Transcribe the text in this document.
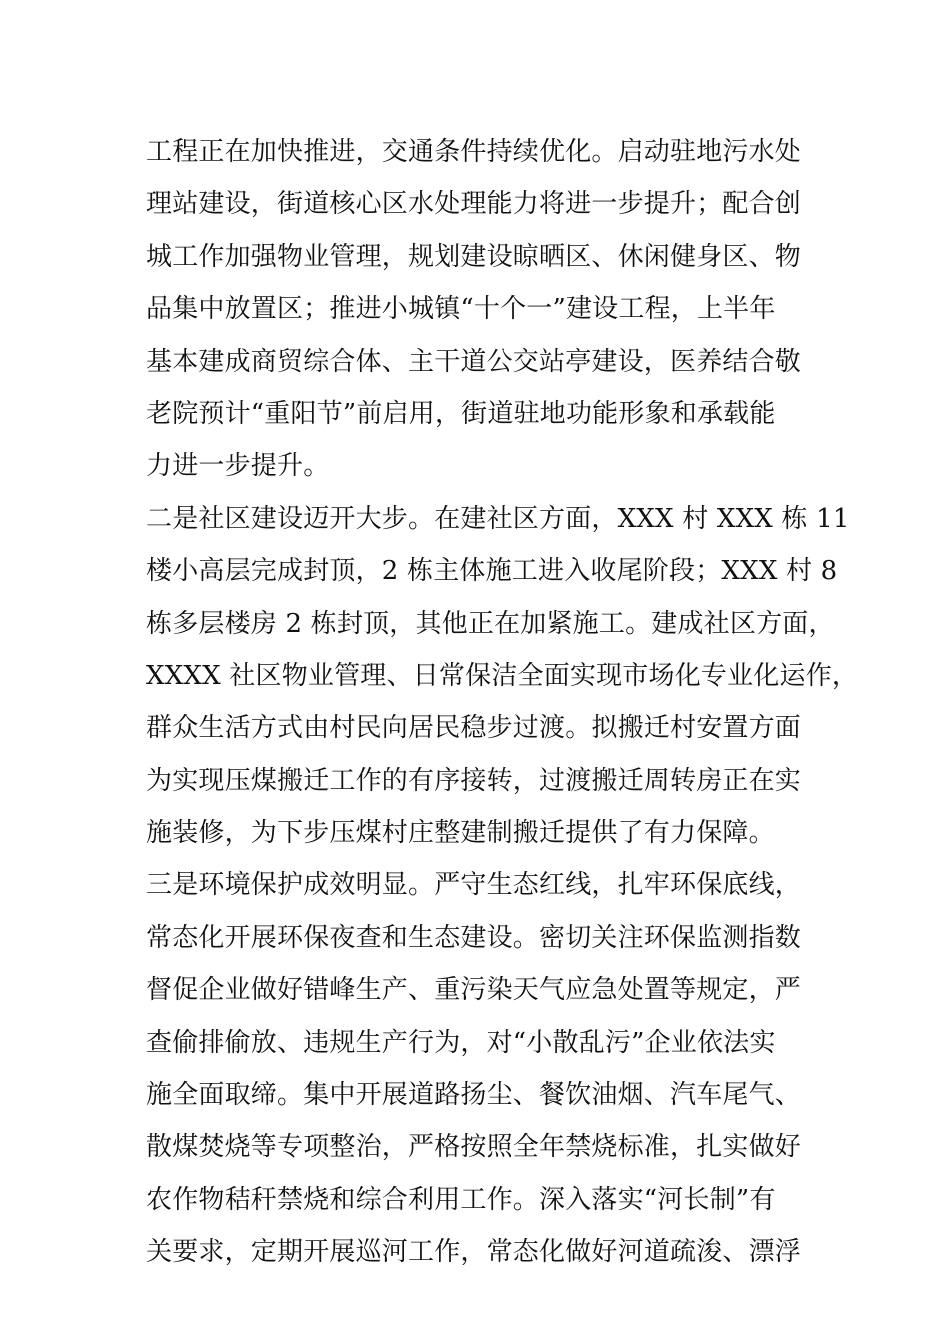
工程正在加快推进，交通条件持续优化。启动驻地污水处
理站建设，街道核心区水处理能力将进一步提升；配合创
城工作加强物业管理，规划建设晾晒区、休闲健身区、物
品集中放置区；推进小城镇“十个一”建设工程，上半年
基本建成商贸综合体、主干道公交站亭建设，医养结合敬
老院预计“重阳节”前启用，街道驻地功能形象和承载能
力进一步提升。
二是社区建设迈开大步。在建社区方面，XXX 村 XXX 栋 11
楼小高层完成封顶，2 栋主体施工进入收尾阶段；XXX 村 8
栋多层楼房 2 栋封顶，其他正在加紧施工。建成社区方面，
XXXX 社区物业管理、日常保洁全面实现市场化专业化运作，
群众生活方式由村民向居民稳步过渡。拟搬迁村安置方面
为实现压煤搬迁工作的有序接转，过渡搬迁周转房正在实
施装修，为下步压煤村庄整建制搬迁提供了有力保障。
三是环境保护成效明显。严守生态红线，扎牢环保底线，
常态化开展环保夜查和生态建设。密切关注环保监测指数
督促企业做好错峰生产、重污染天气应急处置等规定，严
查偷排偷放、违规生产行为，对“小散乱污”企业依法实
施全面取缔。集中开展道路扬尘、餐饮油烟、汽车尾气、
散煤焚烧等专项整治，严格按照全年禁烧标准，扎实做好
农作物秸秆禁烧和综合利用工作。深入落实“河长制”有
关要求，定期开展巡河工作，常态化做好河道疏浚、漂浮
